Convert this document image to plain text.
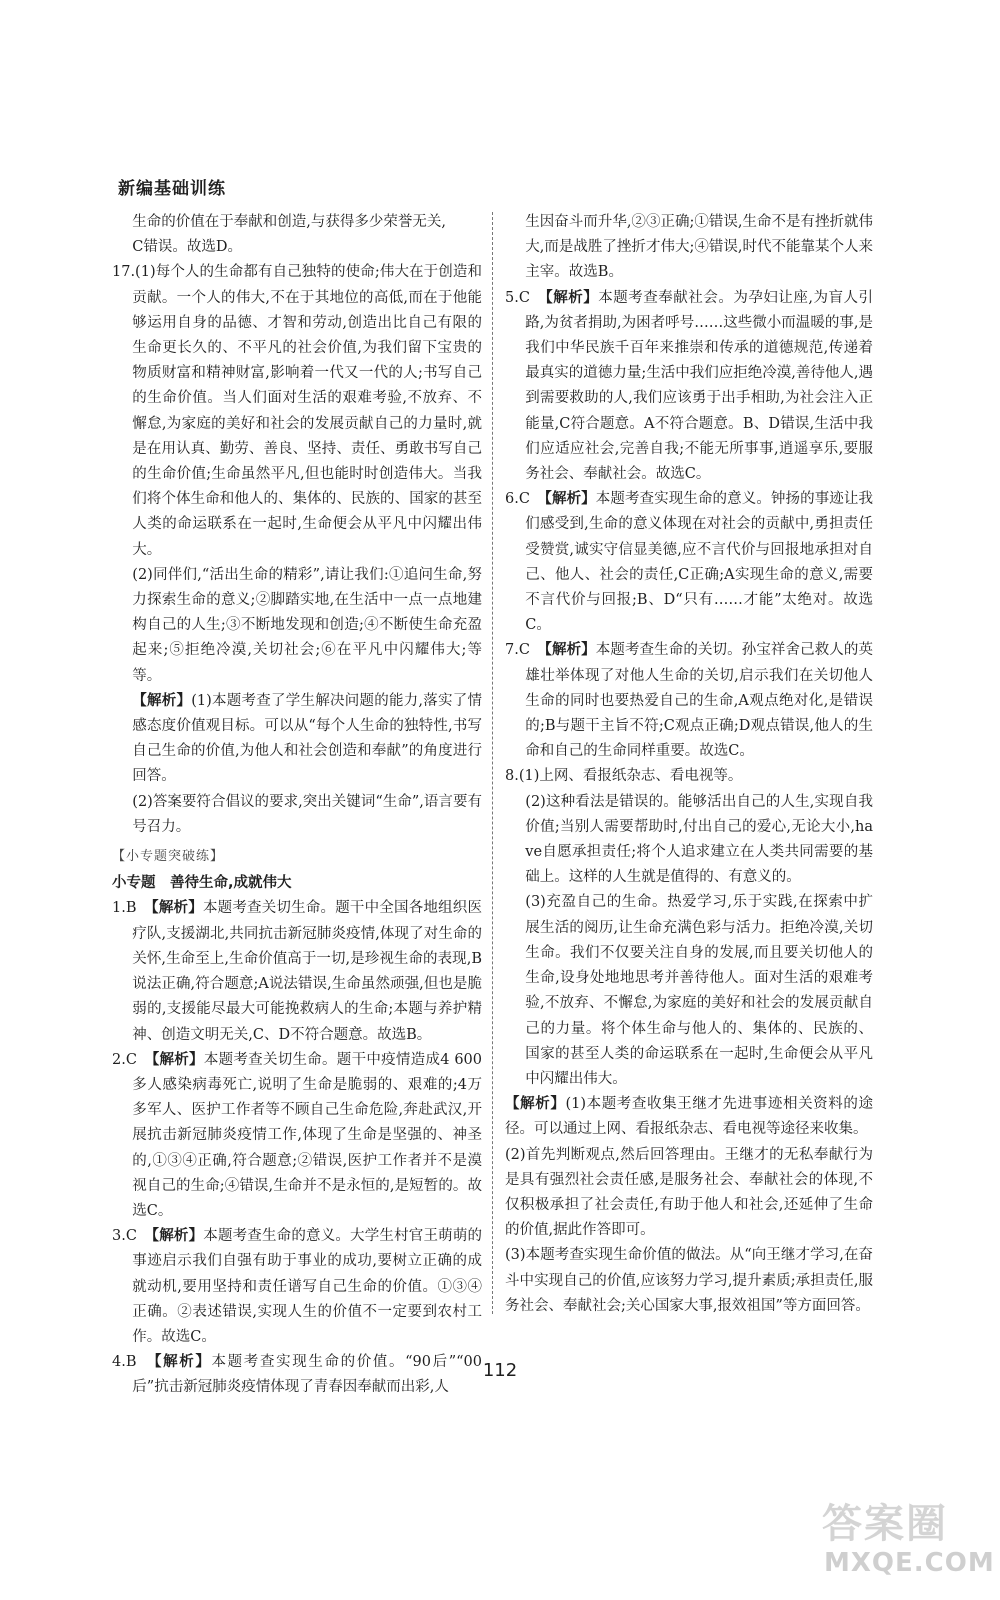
新编基础训练

生命的价值在于奉献和创造,与获得多少荣誉无关,

C错误。故选D。

17.(1)每个人的生命都有自己独特的使命;伟大在于创造和贡献。一个人的伟大,不在于其地位的高低,而在于他能够运用自身的品德、才智和劳动,创造出比自己有限的生命更长久的、不平凡的社会价值,为我们留下宝贵的物质财富和精神财富,影响着一代又一代的人;书写自己的生命价值。当人们面对生活的艰难考验,不放弃、不懈怠,为家庭的美好和社会的发展贡献自己的力量时,就是在用认真、勤劳、善良、坚持、责任、勇敢书写自己的生命价值;生命虽然平凡,但也能时时创造伟大。当我们将个体生命和他人的、集体的、民族的、国家的甚至人类的命运联系在一起时,生命便会从平凡中闪耀出伟大。

(2)同伴们,“活出生命的精彩”,请让我们:①追问生命,努力探索生命的意义;②脚踏实地,在生活中一点一点地建构自己的人生;③不断地发现和创造;④不断使生命充盈起来;⑤拒绝冷漠,关切社会;⑥在平凡中闪耀伟大;等等。

【解析】(1)本题考查了学生解决问题的能力,落实了情感态度价值观目标。可以从“每个人生命的独特性,书写自己生命的价值,为他人和社会创造和奉献”的角度进行回答。

(2)答案要符合倡议的要求,突出关键词“生命”,语言要有号召力。

【小专题突破练】

小专题　善待生命,成就伟大

1.B　【解析】本题考查关切生命。题干中全国各地组织医疗队,支援湖北,共同抗击新冠肺炎疫情,体现了对生命的关怀,生命至上,生命价值高于一切,是珍视生命的表现,B说法正确,符合题意;A说法错误,生命虽然顽强,但也是脆弱的,支援能尽最大可能挽救病人的生命;本题与养护精神、创造文明无关,C、D不符合题意。故选B。

2.C　【解析】本题考查关切生命。题干中疫情造成4 600多人感染病毒死亡,说明了生命是脆弱的、艰难的;4万多军人、医护工作者等不顾自己生命危险,奔赴武汉,开展抗击新冠肺炎疫情工作,体现了生命是坚强的、神圣的,①③④正确,符合题意;②错误,医护工作者并不是漠视自己的生命;④错误,生命并不是永恒的,是短暂的。故选C。

3.C　【解析】本题考查生命的意义。大学生村官王萌萌的事迹启示我们自强有助于事业的成功,要树立正确的成就动机,要用坚持和责任谱写自己生命的价值。①③④正确。②表述错误,实现人生的价值不一定要到农村工作。故选C。

4.B　【解析】本题考查实现生命的价值。“90后”“00后”抗击新冠肺炎疫情体现了青春因奉献而出彩,人

生因奋斗而升华,②③正确;①错误,生命不是有挫折就伟大,而是战胜了挫折才伟大;④错误,时代不能靠某个人来主宰。故选B。

5.C　【解析】本题考查奉献社会。为孕妇让座,为盲人引路,为贫者捐助,为困者呼号……这些微小而温暖的事,是我们中华民族千百年来推崇和传承的道德规范,传递着最真实的道德力量;生活中我们应拒绝冷漠,善待他人,遇到需要救助的人,我们应该勇于出手相助,为社会注入正能量,C符合题意。A不符合题意。B、D错误,生活中我们应适应社会,完善自我;不能无所事事,逍遥享乐,要服务社会、奉献社会。故选C。

6.C　【解析】本题考查实现生命的意义。钟扬的事迹让我们感受到,生命的意义体现在对社会的贡献中,勇担责任受赞赏,诚实守信显美德,应不言代价与回报地承担对自己、他人、社会的责任,C正确;A实现生命的意义,需要不言代价与回报;B、D“只有……才能”太绝对。故选C。

7.C　【解析】本题考查生命的关切。孙宝祥舍己救人的英雄壮举体现了对他人生命的关切,启示我们在关切他人生命的同时也要热爱自己的生命,A观点绝对化,是错误的;B与题干主旨不符;C观点正确;D观点错误,他人的生命和自己的生命同样重要。故选C。

8.(1)上网、看报纸杂志、看电视等。

(2)这种看法是错误的。能够活出自己的人生,实现自我价值;当别人需要帮助时,付出自己的爱心,无论大小,have自愿承担责任;将个人追求建立在人类共同需要的基础上。这样的人生就是值得的、有意义的。

(3)充盈自己的生命。热爱学习,乐于实践,在探索中扩展生活的阅历,让生命充满色彩与活力。拒绝冷漠,关切生命。我们不仅要关注自身的发展,而且要关切他人的生命,设身处地地思考并善待他人。面对生活的艰难考验,不放弃、不懈怠,为家庭的美好和社会的发展贡献自己的力量。将个体生命与他人的、集体的、民族的、国家的甚至人类的命运联系在一起时,生命便会从平凡中闪耀出伟大。

【解析】(1)本题考查收集王继才先进事迹相关资料的途径。可以通过上网、看报纸杂志、看电视等途径来收集。

(2)首先判断观点,然后回答理由。王继才的无私奉献行为是具有强烈社会责任感,是服务社会、奉献社会的体现,不仅积极承担了社会责任,有助于他人和社会,还延伸了生命的价值,据此作答即可。

(3)本题考查实现生命价值的做法。从“向王继才学习,在奋斗中实现自己的价值,应该努力学习,提升素质;承担责任,服务社会、奉献社会;关心国家大事,报效祖国”等方面回答。

112
答案圈
MXQE.COM
